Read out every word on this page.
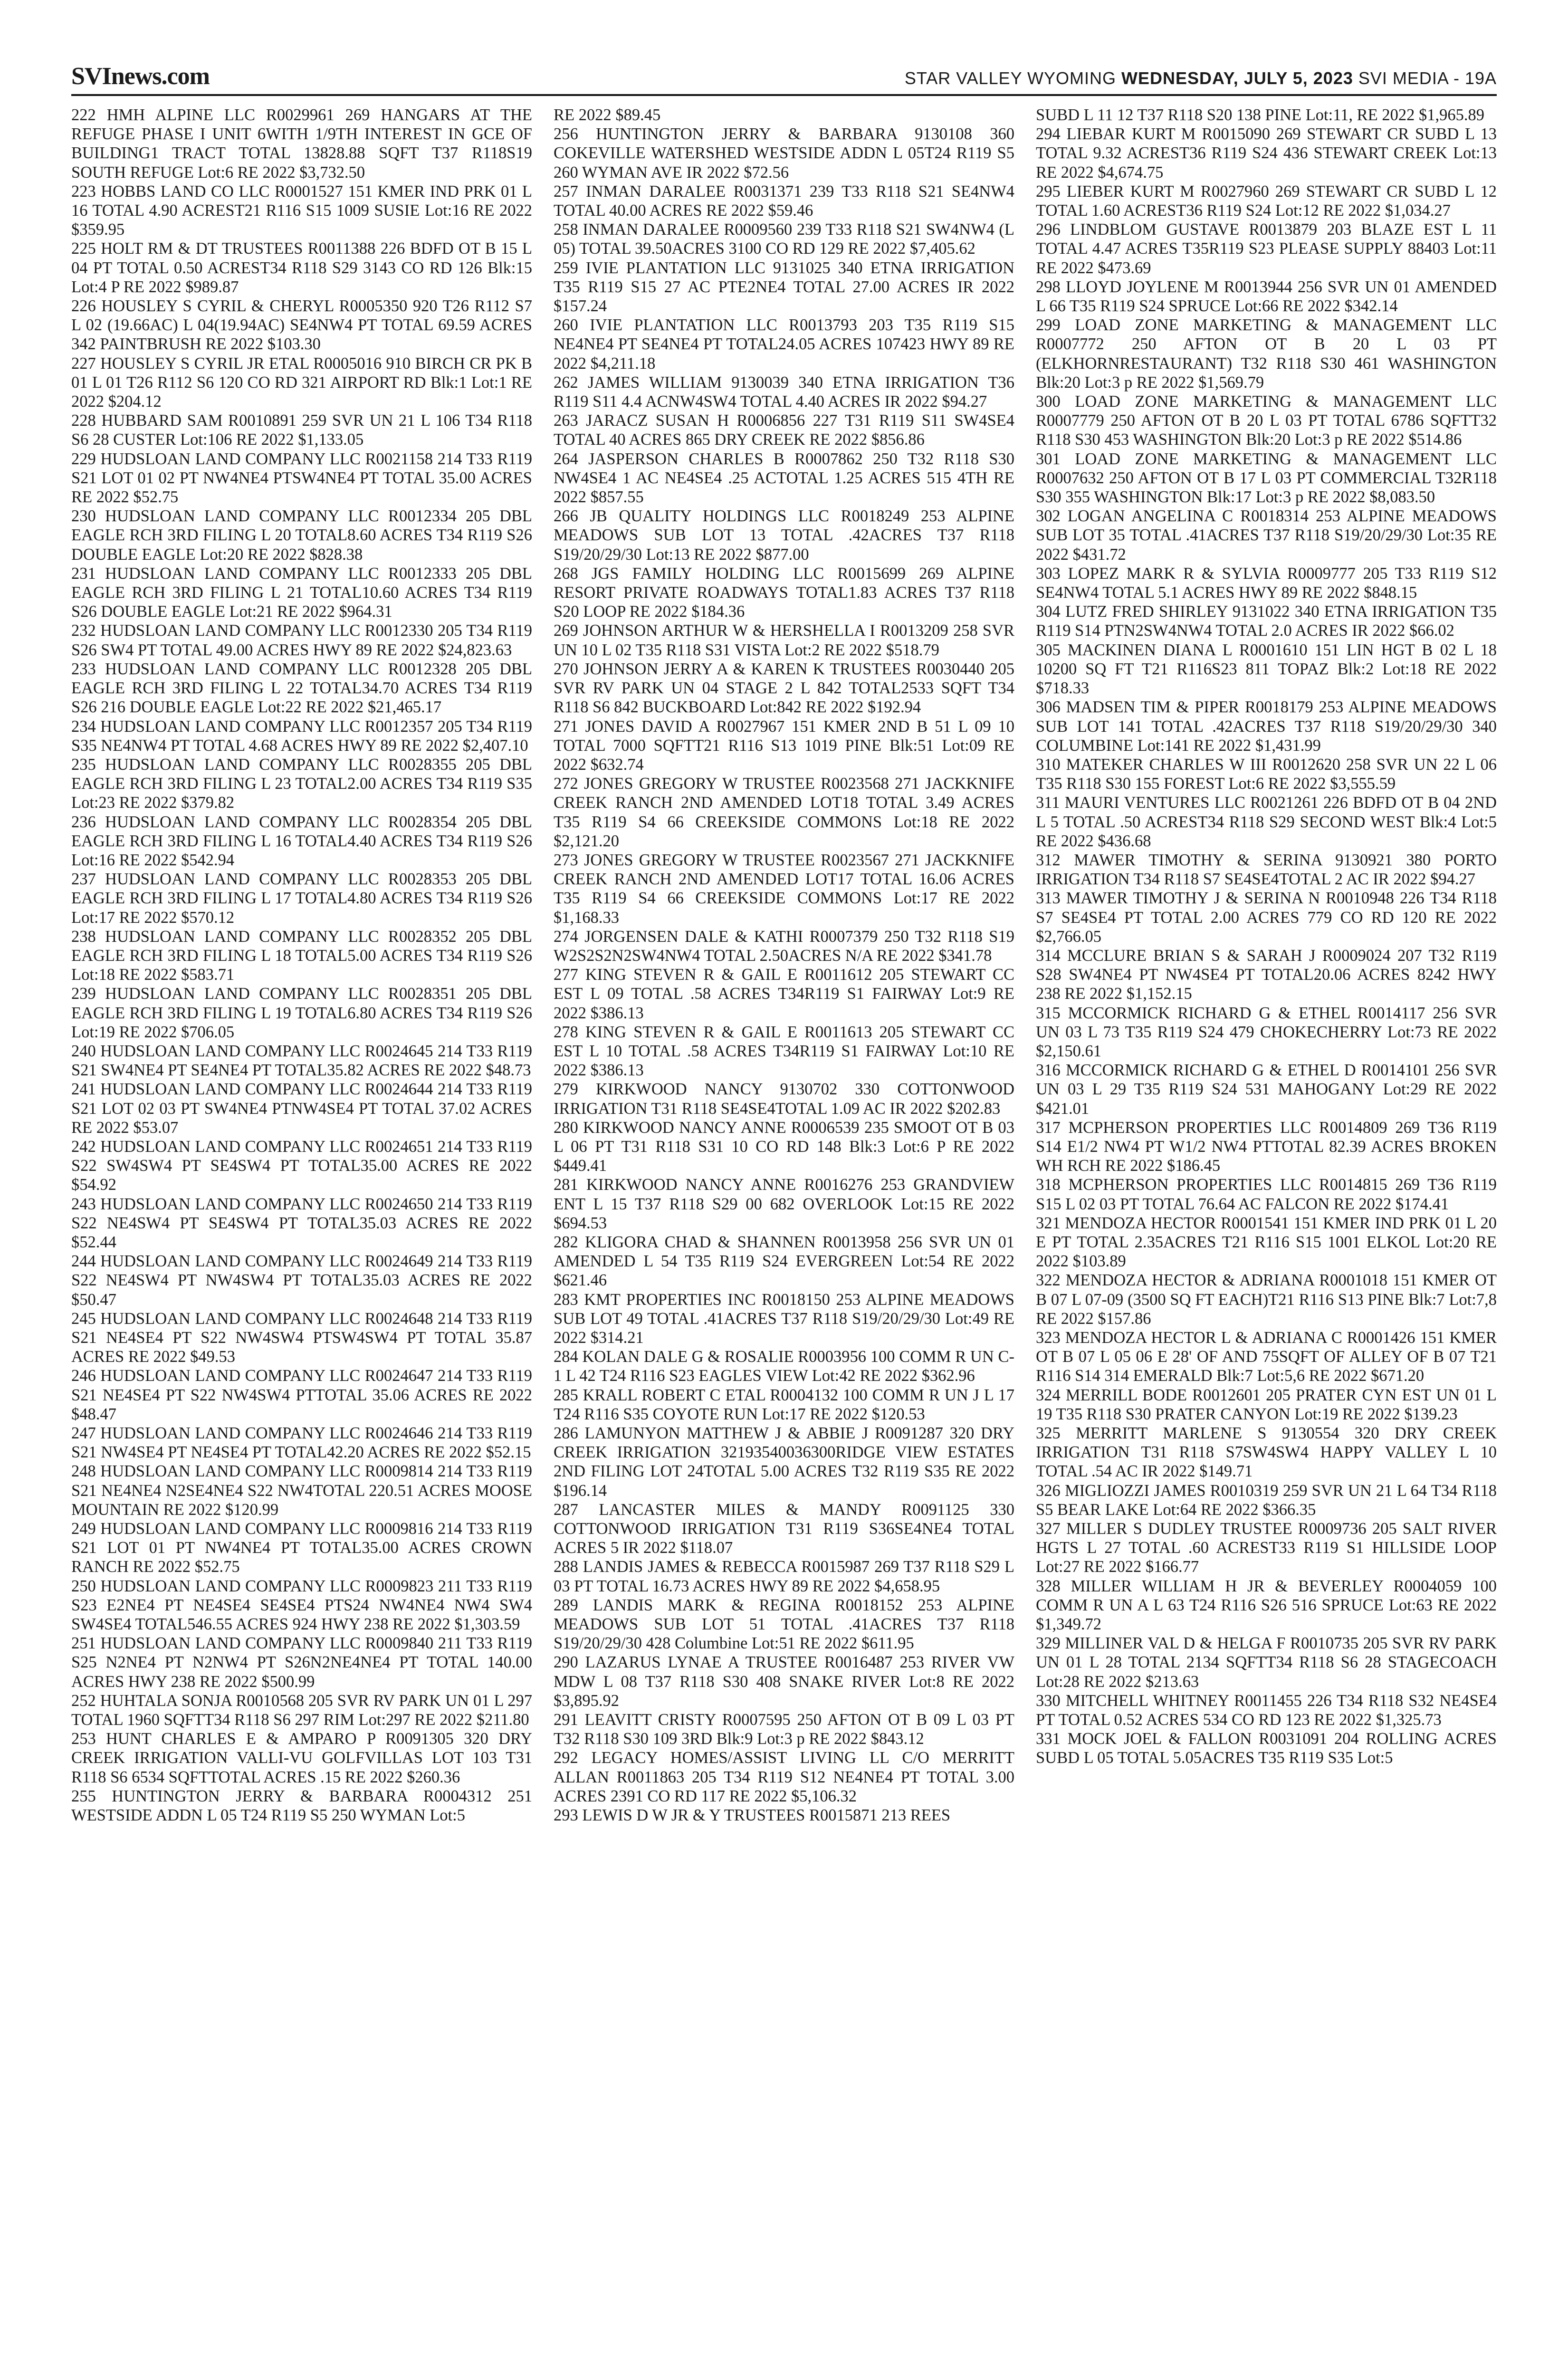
SVInews.com	STAR VALLEY WYOMING WEDNESDAY, JULY 5, 2023 SVI MEDIA - 19A

222 HMH ALPINE LLC R0029961 269 HANGARS AT THE REFUGE PHASE I UNIT 6WITH 1/9TH INTEREST IN GCE OF BUILDING1 TRACT TOTAL 13828.88 SQFT T37 R118S19 SOUTH REFUGE Lot:6 RE 2022 $3,732.50

223 HOBBS LAND CO LLC R0001527 151 KMER IND PRK 01 L 16 TOTAL 4.90 ACREST21 R116 S15 1009 SUSIE Lot:16 RE 2022 $359.95

225 HOLT RM & DT TRUSTEES R0011388 226 BDFD OT B 15 L 04 PT TOTAL 0.50 ACREST34 R118 S29 3143 CO RD 126 Blk:15 Lot:4 P RE 2022 $989.87

226 HOUSLEY S CYRIL & CHERYL R0005350 920 T26 R112 S7 L 02 (19.66AC) L 04(19.94AC) SE4NW4 PT TOTAL 69.59 ACRES 342 PAINTBRUSH RE 2022 $103.30

227 HOUSLEY S CYRIL JR ETAL R0005016 910 BIRCH CR PK B 01 L 01 T26 R112 S6 120 CO RD 321 AIRPORT RD Blk:1 Lot:1 RE 2022 $204.12

228 HUBBARD SAM R0010891 259 SVR UN 21 L 106 T34 R118 S6 28 CUSTER Lot:106 RE 2022 $1,133.05

229 HUDSLOAN LAND COMPANY LLC R0021158 214 T33 R119 S21 LOT 01 02 PT NW4NE4 PTSW4NE4 PT TOTAL 35.00 ACRES RE 2022 $52.75

230 HUDSLOAN LAND COMPANY LLC R0012334 205 DBL EAGLE RCH 3RD FILING L 20 TOTAL8.60 ACRES T34 R119 S26 DOUBLE EAGLE Lot:20 RE 2022 $828.38

231 HUDSLOAN LAND COMPANY LLC R0012333 205 DBL EAGLE RCH 3RD FILING L 21 TOTAL10.60 ACRES T34 R119 S26 DOUBLE EAGLE Lot:21 RE 2022 $964.31

232 HUDSLOAN LAND COMPANY LLC R0012330 205 T34 R119 S26 SW4 PT TOTAL 49.00 ACRES HWY 89 RE 2022 $24,823.63

233 HUDSLOAN LAND COMPANY LLC R0012328 205 DBL EAGLE RCH 3RD FILING L 22 TOTAL34.70 ACRES T34 R119 S26 216 DOUBLE EAGLE Lot:22 RE 2022 $21,465.17

234 HUDSLOAN LAND COMPANY LLC R0012357 205 T34 R119 S35 NE4NW4 PT TOTAL 4.68 ACRES HWY 89 RE 2022 $2,407.10

235 HUDSLOAN LAND COMPANY LLC R0028355 205 DBL EAGLE RCH 3RD FILING L 23 TOTAL2.00 ACRES T34 R119 S35 Lot:23 RE 2022 $379.82

236 HUDSLOAN LAND COMPANY LLC R0028354 205 DBL EAGLE RCH 3RD FILING L 16 TOTAL4.40 ACRES T34 R119 S26 Lot:16 RE 2022 $542.94

237 HUDSLOAN LAND COMPANY LLC R0028353 205 DBL EAGLE RCH 3RD FILING L 17 TOTAL4.80 ACRES T34 R119 S26 Lot:17 RE 2022 $570.12

238 HUDSLOAN LAND COMPANY LLC R0028352 205 DBL EAGLE RCH 3RD FILING L 18 TOTAL5.00 ACRES T34 R119 S26 Lot:18 RE 2022 $583.71

239 HUDSLOAN LAND COMPANY LLC R0028351 205 DBL EAGLE RCH 3RD FILING L 19 TOTAL6.80 ACRES T34 R119 S26 Lot:19 RE 2022 $706.05

240 HUDSLOAN LAND COMPANY LLC R0024645 214 T33 R119 S21 SW4NE4 PT SE4NE4 PT TOTAL35.82 ACRES RE 2022 $48.73

241 HUDSLOAN LAND COMPANY LLC R0024644 214 T33 R119 S21 LOT 02 03 PT SW4NE4 PTNW4SE4 PT TOTAL 37.02 ACRES RE 2022 $53.07

242 HUDSLOAN LAND COMPANY LLC R0024651 214 T33 R119 S22 SW4SW4 PT SE4SW4 PT TOTAL35.00 ACRES RE 2022 $54.92

243 HUDSLOAN LAND COMPANY LLC R0024650 214 T33 R119 S22 NE4SW4 PT SE4SW4 PT TOTAL35.03 ACRES RE 2022 $52.44

244 HUDSLOAN LAND COMPANY LLC R0024649 214 T33 R119 S22 NE4SW4 PT NW4SW4 PT TOTAL35.03 ACRES RE 2022 $50.47

245 HUDSLOAN LAND COMPANY LLC R0024648 214 T33 R119 S21 NE4SE4 PT S22 NW4SW4 PTSW4SW4 PT TOTAL 35.87 ACRES RE 2022 $49.53

246 HUDSLOAN LAND COMPANY LLC R0024647 214 T33 R119 S21 NE4SE4 PT S22 NW4SW4 PTTOTAL 35.06 ACRES RE 2022 $48.47

247 HUDSLOAN LAND COMPANY LLC R0024646 214 T33 R119 S21 NW4SE4 PT NE4SE4 PT TOTAL42.20 ACRES RE 2022 $52.15

248 HUDSLOAN LAND COMPANY LLC R0009814 214 T33 R119 S21 NE4NE4 N2SE4NE4 S22 NW4TOTAL 220.51 ACRES MOOSE MOUNTAIN RE 2022 $120.99

249 HUDSLOAN LAND COMPANY LLC R0009816 214 T33 R119 S21 LOT 01 PT NW4NE4 PT TOTAL35.00 ACRES CROWN RANCH RE 2022 $52.75

250 HUDSLOAN LAND COMPANY LLC R0009823 211 T33 R119 S23 E2NE4 PT NE4SE4 SE4SE4 PTS24 NW4NE4 NW4 SW4 SW4SE4 TOTAL546.55 ACRES 924 HWY 238 RE 2022 $1,303.59

251 HUDSLOAN LAND COMPANY LLC R0009840 211 T33 R119 S25 N2NE4 PT N2NW4 PT S26N2NE4NE4 PT TOTAL 140.00 ACRES HWY 238 RE 2022 $500.99

252 HUHTALA SONJA R0010568 205 SVR RV PARK UN 01 L 297 TOTAL 1960 SQFTT34 R118 S6 297 RIM Lot:297 RE 2022 $211.80

253 HUNT CHARLES E & AMPARO P R0091305 320 DRY CREEK IRRIGATION VALLI-VU GOLFVILLAS LOT 103 T31 R118 S6 6534 SQFTTOTAL ACRES .15 RE 2022 $260.36

255 HUNTINGTON JERRY & BARBARA R0004312 251 WESTSIDE ADDN L 05 T24 R119 S5 250 WYMAN Lot:5

RE 2022 $89.45

256 HUNTINGTON JERRY & BARBARA 9130108 360 COKEVILLE WATERSHED WESTSIDE ADDN L 05T24 R119 S5 260 WYMAN AVE IR 2022 $72.56

257 INMAN DARALEE R0031371 239 T33 R118 S21 SE4NW4 TOTAL 40.00 ACRES RE 2022 $59.46

258 INMAN DARALEE R0009560 239 T33 R118 S21 SW4NW4 (L 05) TOTAL 39.50ACRES 3100 CO RD 129 RE 2022 $7,405.62

259 IVIE PLANTATION LLC 9131025 340 ETNA IRRIGATION T35 R119 S15 27 AC PTE2NE4 TOTAL 27.00 ACRES IR 2022 $157.24

260 IVIE PLANTATION LLC R0013793 203 T35 R119 S15 NE4NE4 PT SE4NE4 PT TOTAL24.05 ACRES 107423 HWY 89 RE 2022 $4,211.18

262 JAMES WILLIAM 9130039 340 ETNA IRRIGATION T36 R119 S11 4.4 ACNW4SW4 TOTAL 4.40 ACRES IR 2022 $94.27

263 JARACZ SUSAN H R0006856 227 T31 R119 S11 SW4SE4 TOTAL 40 ACRES 865 DRY CREEK RE 2022 $856.86

264 JASPERSON CHARLES B R0007862 250 T32 R118 S30 NW4SE4 1 AC NE4SE4 .25 ACTOTAL 1.25 ACRES 515 4TH RE 2022 $857.55

266 JB QUALITY HOLDINGS LLC R0018249 253 ALPINE MEADOWS SUB LOT 13 TOTAL .42ACRES T37 R118 S19/20/29/30 Lot:13 RE 2022 $877.00

268 JGS FAMILY HOLDING LLC R0015699 269 ALPINE RESORT PRIVATE ROADWAYS TOTAL1.83 ACRES T37 R118 S20 LOOP RE 2022 $184.36

269 JOHNSON ARTHUR W & HERSHELLA I R0013209 258 SVR UN 10 L 02 T35 R118 S31 VISTA Lot:2 RE 2022 $518.79

270 JOHNSON JERRY A & KAREN K TRUSTEES R0030440 205 SVR RV PARK UN 04 STAGE 2 L 842 TOTAL2533 SQFT T34 R118 S6 842 BUCKBOARD Lot:842 RE 2022 $192.94

271 JONES DAVID A R0027967 151 KMER 2ND B 51 L 09 10 TOTAL 7000 SQFTT21 R116 S13 1019 PINE Blk:51 Lot:09 RE 2022 $632.74

272 JONES GREGORY W TRUSTEE R0023568 271 JACKKNIFE CREEK RANCH 2ND AMENDED LOT18 TOTAL 3.49 ACRES T35 R119 S4 66 CREEKSIDE COMMONS Lot:18 RE 2022 $2,121.20

273 JONES GREGORY W TRUSTEE R0023567 271 JACKKNIFE CREEK RANCH 2ND AMENDED LOT17 TOTAL 16.06 ACRES T35 R119 S4 66 CREEKSIDE COMMONS Lot:17 RE 2022 $1,168.33

274 JORGENSEN DALE & KATHI R0007379 250 T32 R118 S19 W2S2S2N2SW4NW4 TOTAL 2.50ACRES N/A RE 2022 $341.78

277 KING STEVEN R & GAIL E R0011612 205 STEWART CC EST L 09 TOTAL .58 ACRES T34R119 S1 FAIRWAY Lot:9 RE 2022 $386.13

278 KING STEVEN R & GAIL E R0011613 205 STEWART CC EST L 10 TOTAL .58 ACRES T34R119 S1 FAIRWAY Lot:10 RE 2022 $386.13

279 KIRKWOOD NANCY 9130702 330 COTTONWOOD IRRIGATION T31 R118 SE4SE4TOTAL 1.09 AC IR 2022 $202.83

280 KIRKWOOD NANCY ANNE R0006539 235 SMOOT OT B 03 L 06 PT T31 R118 S31 10 CO RD 148 Blk:3 Lot:6 P RE 2022 $449.41

281 KIRKWOOD NANCY ANNE R0016276 253 GRANDVIEW ENT L 15 T37 R118 S29 00 682 OVERLOOK Lot:15 RE 2022 $694.53

282 KLIGORA CHAD & SHANNEN R0013958 256 SVR UN 01 AMENDED L 54 T35 R119 S24 EVERGREEN Lot:54 RE 2022 $621.46

283 KMT PROPERTIES INC R0018150 253 ALPINE MEADOWS SUB LOT 49 TOTAL .41ACRES T37 R118 S19/20/29/30 Lot:49 RE 2022 $314.21

284 KOLAN DALE G & ROSALIE R0003956 100 COMM R UN C-1 L 42 T24 R116 S23 EAGLES VIEW Lot:42 RE 2022 $362.96

285 KRALL ROBERT C ETAL R0004132 100 COMM R UN J L 17 T24 R116 S35 COYOTE RUN Lot:17 RE 2022 $120.53

286 LAMUNYON MATTHEW J & ABBIE J R0091287 320 DRY CREEK IRRIGATION 32193540036300RIDGE VIEW ESTATES 2ND FILING LOT 24TOTAL 5.00 ACRES T32 R119 S35 RE 2022 $196.14

287 LANCASTER MILES & MANDY R0091125 330 COTTONWOOD IRRIGATION T31 R119 S36SE4NE4 TOTAL ACRES 5 IR 2022 $118.07

288 LANDIS JAMES & REBECCA R0015987 269 T37 R118 S29 L 03 PT TOTAL 16.73 ACRES HWY 89 RE 2022 $4,658.95

289 LANDIS MARK & REGINA R0018152 253 ALPINE MEADOWS SUB LOT 51 TOTAL .41ACRES T37 R118 S19/20/29/30 428 Columbine Lot:51 RE 2022 $611.95

290 LAZARUS LYNAE A TRUSTEE R0016487 253 RIVER VW MDW L 08 T37 R118 S30 408 SNAKE RIVER Lot:8 RE 2022 $3,895.92

291 LEAVITT CRISTY R0007595 250 AFTON OT B 09 L 03 PT T32 R118 S30 109 3RD Blk:9 Lot:3 p RE 2022 $843.12

292 LEGACY HOMES/ASSIST LIVING LL C/O MERRITT ALLAN R0011863 205 T34 R119 S12 NE4NE4 PT TOTAL 3.00 ACRES 2391 CO RD 117 RE 2022 $5,106.32

293 LEWIS D W JR & Y TRUSTEES R0015871 213 REES

SUBD L 11 12 T37 R118 S20 138 PINE Lot:11, RE 2022 $1,965.89

294 LIEBAR KURT M R0015090 269 STEWART CR SUBD L 13 TOTAL 9.32 ACREST36 R119 S24 436 STEWART CREEK Lot:13 RE 2022 $4,674.75

295 LIEBER KURT M R0027960 269 STEWART CR SUBD L 12 TOTAL 1.60 ACREST36 R119 S24 Lot:12 RE 2022 $1,034.27

296 LINDBLOM GUSTAVE R0013879 203 BLAZE EST L 11 TOTAL 4.47 ACRES T35R119 S23 PLEASE SUPPLY 88403 Lot:11 RE 2022 $473.69

298 LLOYD JOYLENE M R0013944 256 SVR UN 01 AMENDED L 66 T35 R119 S24 SPRUCE Lot:66 RE 2022 $342.14

299 LOAD ZONE MARKETING & MANAGEMENT LLC R0007772 250 AFTON OT B 20 L 03 PT (ELKHORNRESTAURANT) T32 R118 S30 461 WASHINGTON Blk:20 Lot:3 p RE 2022 $1,569.79

300 LOAD ZONE MARKETING & MANAGEMENT LLC R0007779 250 AFTON OT B 20 L 03 PT TOTAL 6786 SQFTT32 R118 S30 453 WASHINGTON Blk:20 Lot:3 p RE 2022 $514.86

301 LOAD ZONE MARKETING & MANAGEMENT LLC R0007632 250 AFTON OT B 17 L 03 PT COMMERCIAL T32R118 S30 355 WASHINGTON Blk:17 Lot:3 p RE 2022 $8,083.50

302 LOGAN ANGELINA C R0018314 253 ALPINE MEADOWS SUB LOT 35 TOTAL .41ACRES T37 R118 S19/20/29/30 Lot:35 RE 2022 $431.72

303 LOPEZ MARK R & SYLVIA R0009777 205 T33 R119 S12 SE4NW4 TOTAL 5.1 ACRES HWY 89 RE 2022 $848.15

304 LUTZ FRED SHIRLEY 9131022 340 ETNA IRRIGATION T35 R119 S14 PTN2SW4NW4 TOTAL 2.0 ACRES IR 2022 $66.02

305 MACKINEN DIANA L R0001610 151 LIN HGT B 02 L 18 10200 SQ FT T21 R116S23 811 TOPAZ Blk:2 Lot:18 RE 2022 $718.33

306 MADSEN TIM & PIPER R0018179 253 ALPINE MEADOWS SUB LOT 141 TOTAL .42ACRES T37 R118 S19/20/29/30 340 COLUMBINE Lot:141 RE 2022 $1,431.99

310 MATEKER CHARLES W III R0012620 258 SVR UN 22 L 06 T35 R118 S30 155 FOREST Lot:6 RE 2022 $3,555.59

311 MAURI VENTURES LLC R0021261 226 BDFD OT B 04 2ND L 5 TOTAL .50 ACREST34 R118 S29 SECOND WEST Blk:4 Lot:5 RE 2022 $436.68

312 MAWER TIMOTHY & SERINA 9130921 380 PORTO IRRIGATION T34 R118 S7 SE4SE4TOTAL 2 AC IR 2022 $94.27

313 MAWER TIMOTHY J & SERINA N R0010948 226 T34 R118 S7 SE4SE4 PT TOTAL 2.00 ACRES 779 CO RD 120 RE 2022 $2,766.05

314 MCCLURE BRIAN S & SARAH J R0009024 207 T32 R119 S28 SW4NE4 PT NW4SE4 PT TOTAL20.06 ACRES 8242 HWY 238 RE 2022 $1,152.15

315 MCCORMICK RICHARD G & ETHEL R0014117 256 SVR UN 03 L 73 T35 R119 S24 479 CHOKECHERRY Lot:73 RE 2022 $2,150.61

316 MCCORMICK RICHARD G & ETHEL D R0014101 256 SVR UN 03 L 29 T35 R119 S24 531 MAHOGANY Lot:29 RE 2022 $421.01

317 MCPHERSON PROPERTIES LLC R0014809 269 T36 R119 S14 E1/2 NW4 PT W1/2 NW4 PTTOTAL 82.39 ACRES BROKEN WH RCH RE 2022 $186.45

318 MCPHERSON PROPERTIES LLC R0014815 269 T36 R119 S15 L 02 03 PT TOTAL 76.64 AC FALCON RE 2022 $174.41

321 MENDOZA HECTOR R0001541 151 KMER IND PRK 01 L 20 E PT TOTAL 2.35ACRES T21 R116 S15 1001 ELKOL Lot:20 RE 2022 $103.89

322 MENDOZA HECTOR & ADRIANA R0001018 151 KMER OT B 07 L 07-09 (3500 SQ FT EACH)T21 R116 S13 PINE Blk:7 Lot:7,8 RE 2022 $157.86

323 MENDOZA HECTOR L & ADRIANA C R0001426 151 KMER OT B 07 L 05 06 E 28' OF AND 75SQFT OF ALLEY OF B 07 T21 R116 S14 314 EMERALD Blk:7 Lot:5,6 RE 2022 $671.20

324 MERRILL BODE R0012601 205 PRATER CYN EST UN 01 L 19 T35 R118 S30 PRATER CANYON Lot:19 RE 2022 $139.23

325 MERRITT MARLENE S 9130554 320 DRY CREEK IRRIGATION T31 R118 S7SW4SW4 HAPPY VALLEY L 10 TOTAL .54 AC IR 2022 $149.71

326 MIGLIOZZI JAMES R0010319 259 SVR UN 21 L 64 T34 R118 S5 BEAR LAKE Lot:64 RE 2022 $366.35

327 MILLER S DUDLEY TRUSTEE R0009736 205 SALT RIVER HGTS L 27 TOTAL .60 ACREST33 R119 S1 HILLSIDE LOOP Lot:27 RE 2022 $166.77

328 MILLER WILLIAM H JR & BEVERLEY R0004059 100 COMM R UN A L 63 T24 R116 S26 516 SPRUCE Lot:63 RE 2022 $1,349.72

329 MILLINER VAL D & HELGA F R0010735 205 SVR RV PARK UN 01 L 28 TOTAL 2134 SQFTT34 R118 S6 28 STAGECOACH Lot:28 RE 2022 $213.63

330 MITCHELL WHITNEY R0011455 226 T34 R118 S32 NE4SE4 PT TOTAL 0.52 ACRES 534 CO RD 123 RE 2022 $1,325.73

331 MOCK JOEL & FALLON R0031091 204 ROLLING ACRES SUBD L 05 TOTAL 5.05ACRES T35 R119 S35 Lot:5
